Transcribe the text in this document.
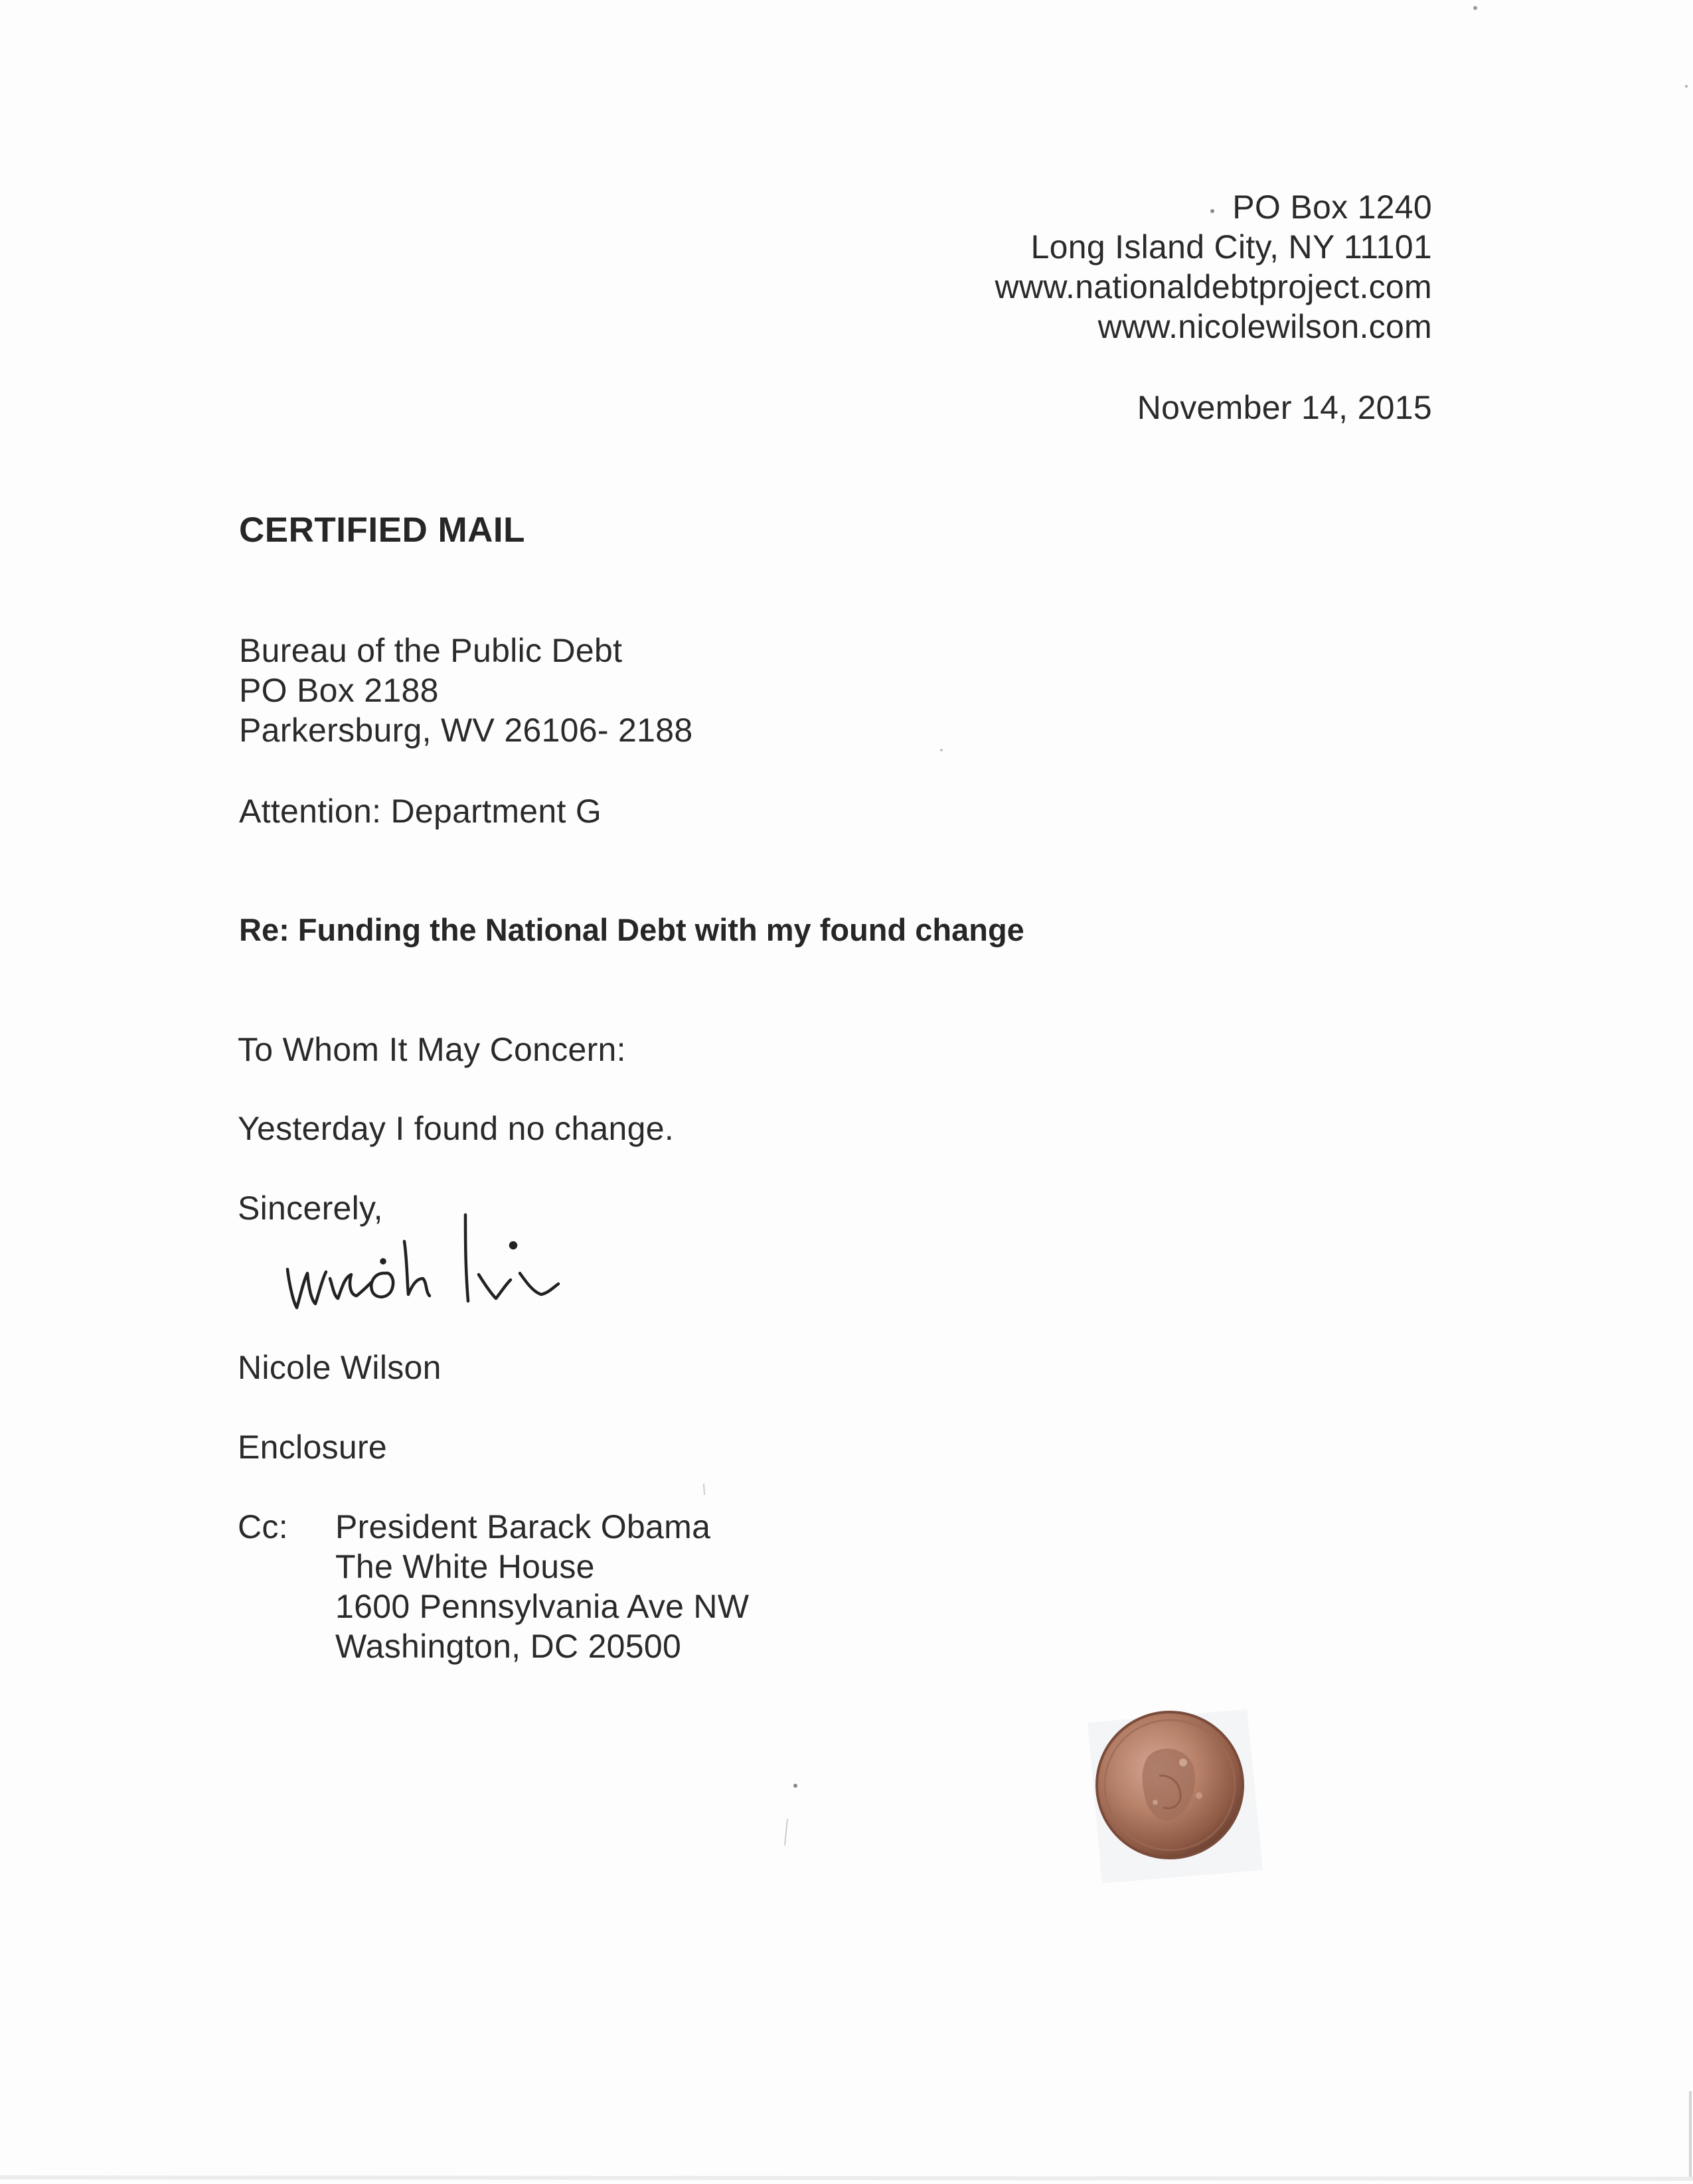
PO Box 1240
Long Island City, NY 11101
www.nationaldebtproject.com
www.nicolewilson.com
November 14, 2015
CERTIFIED MAIL
Bureau of the Public Debt
PO Box 2188
Parkersburg, WV 26106- 2188
Attention: Department G
Re: Funding the National Debt with my found change
To Whom It May Concern:
Yesterday I found no change.
Sincerely,
Nicole Wilson
Enclosure
Cc: President Barack Obama
The White House
1600 Pennsylvania Ave NW
Washington, DC 20500
